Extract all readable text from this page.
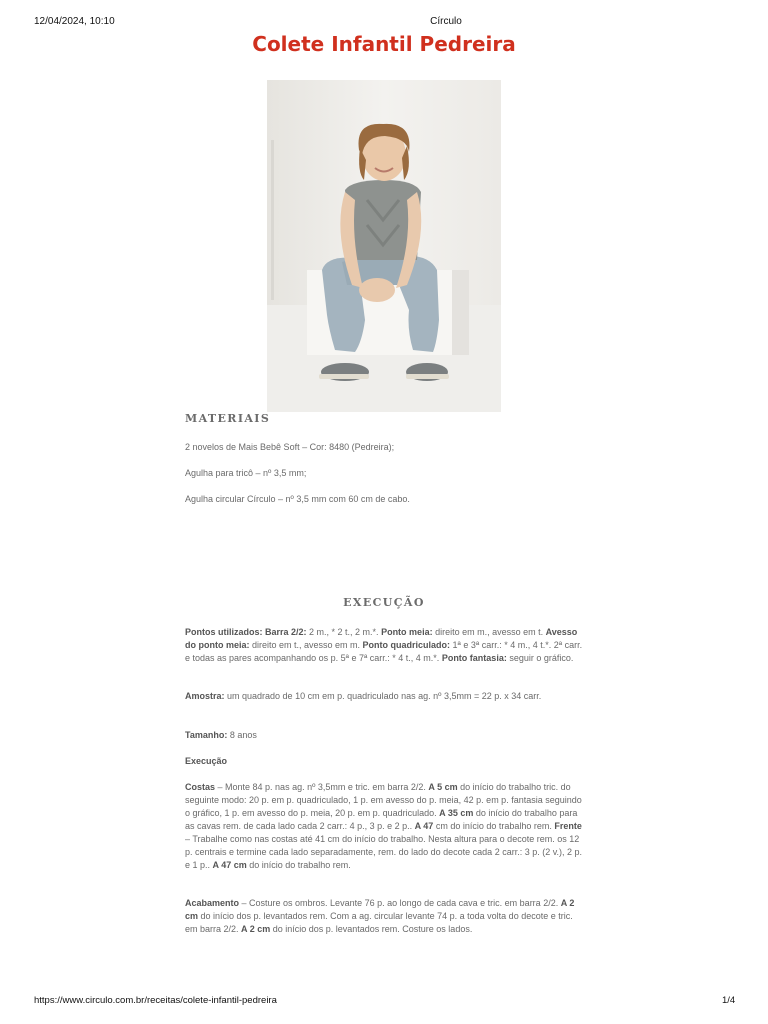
12/04/2024, 10:10	Círculo
Colete Infantil Pedreira
MATERIAIS

2 novelos de Mais Bebê Soft – Cor: 8480 (Pedreira);

Agulha para tricô – nº 3,5 mm;

Agulha circular Círculo – nº 3,5 mm com 60 cm de cabo.

EXECUÇÃO

Pontos utilizados: Barra 2/2: 2 m., * 2 t., 2 m.*. Ponto meia: direito em m., avesso em t. Avesso do ponto meia: direito em t., avesso em m. Ponto quadriculado: 1ª e 3ª carr.: * 4 m., 4 t.*. 2ª carr. e todas as pares acompanhando os p. 5ª e 7ª carr.: * 4 t., 4 m.*. Ponto fantasia: seguir o gráfico.

Amostra: um quadrado de 10 cm em p. quadriculado nas ag. nº 3,5mm = 22 p. x 34 carr.

Tamanho: 8 anos

Execução

Costas – Monte 84 p. nas ag. nº 3,5mm e tric. em barra 2/2. A 5 cm do início do trabalho tric. do seguinte modo: 20 p. em p. quadriculado, 1 p. em avesso do p. meia, 42 p. em p. fantasia seguindo o gráfico, 1 p. em avesso do p. meia, 20 p. em p. quadriculado. A 35 cm do início do trabalho para as cavas rem. de cada lado cada 2 carr.: 4 p., 3 p. e 2 p.. A 47 cm do início do trabalho rem. Frente – Trabalhe como nas costas até 41 cm do início do trabalho. Nesta altura para o decote rem. os 12 p. centrais e termine cada lado separadamente, rem. do lado do decote cada 2 carr.: 3 p. (2 v.), 2 p. e 1 p.. A 47 cm do início do trabalho rem.

Acabamento – Costure os ombros. Levante 76 p. ao longo de cada cava e tric. em barra 2/2. A 2 cm do início dos p. levantados rem. Com a ag. circular levante 74 p. a toda volta do decote e tric. em barra 2/2. A 2 cm do início dos p. levantados rem. Costure os lados.

https://www.circulo.com.br/receitas/colete-infantil-pedreira	1/4
